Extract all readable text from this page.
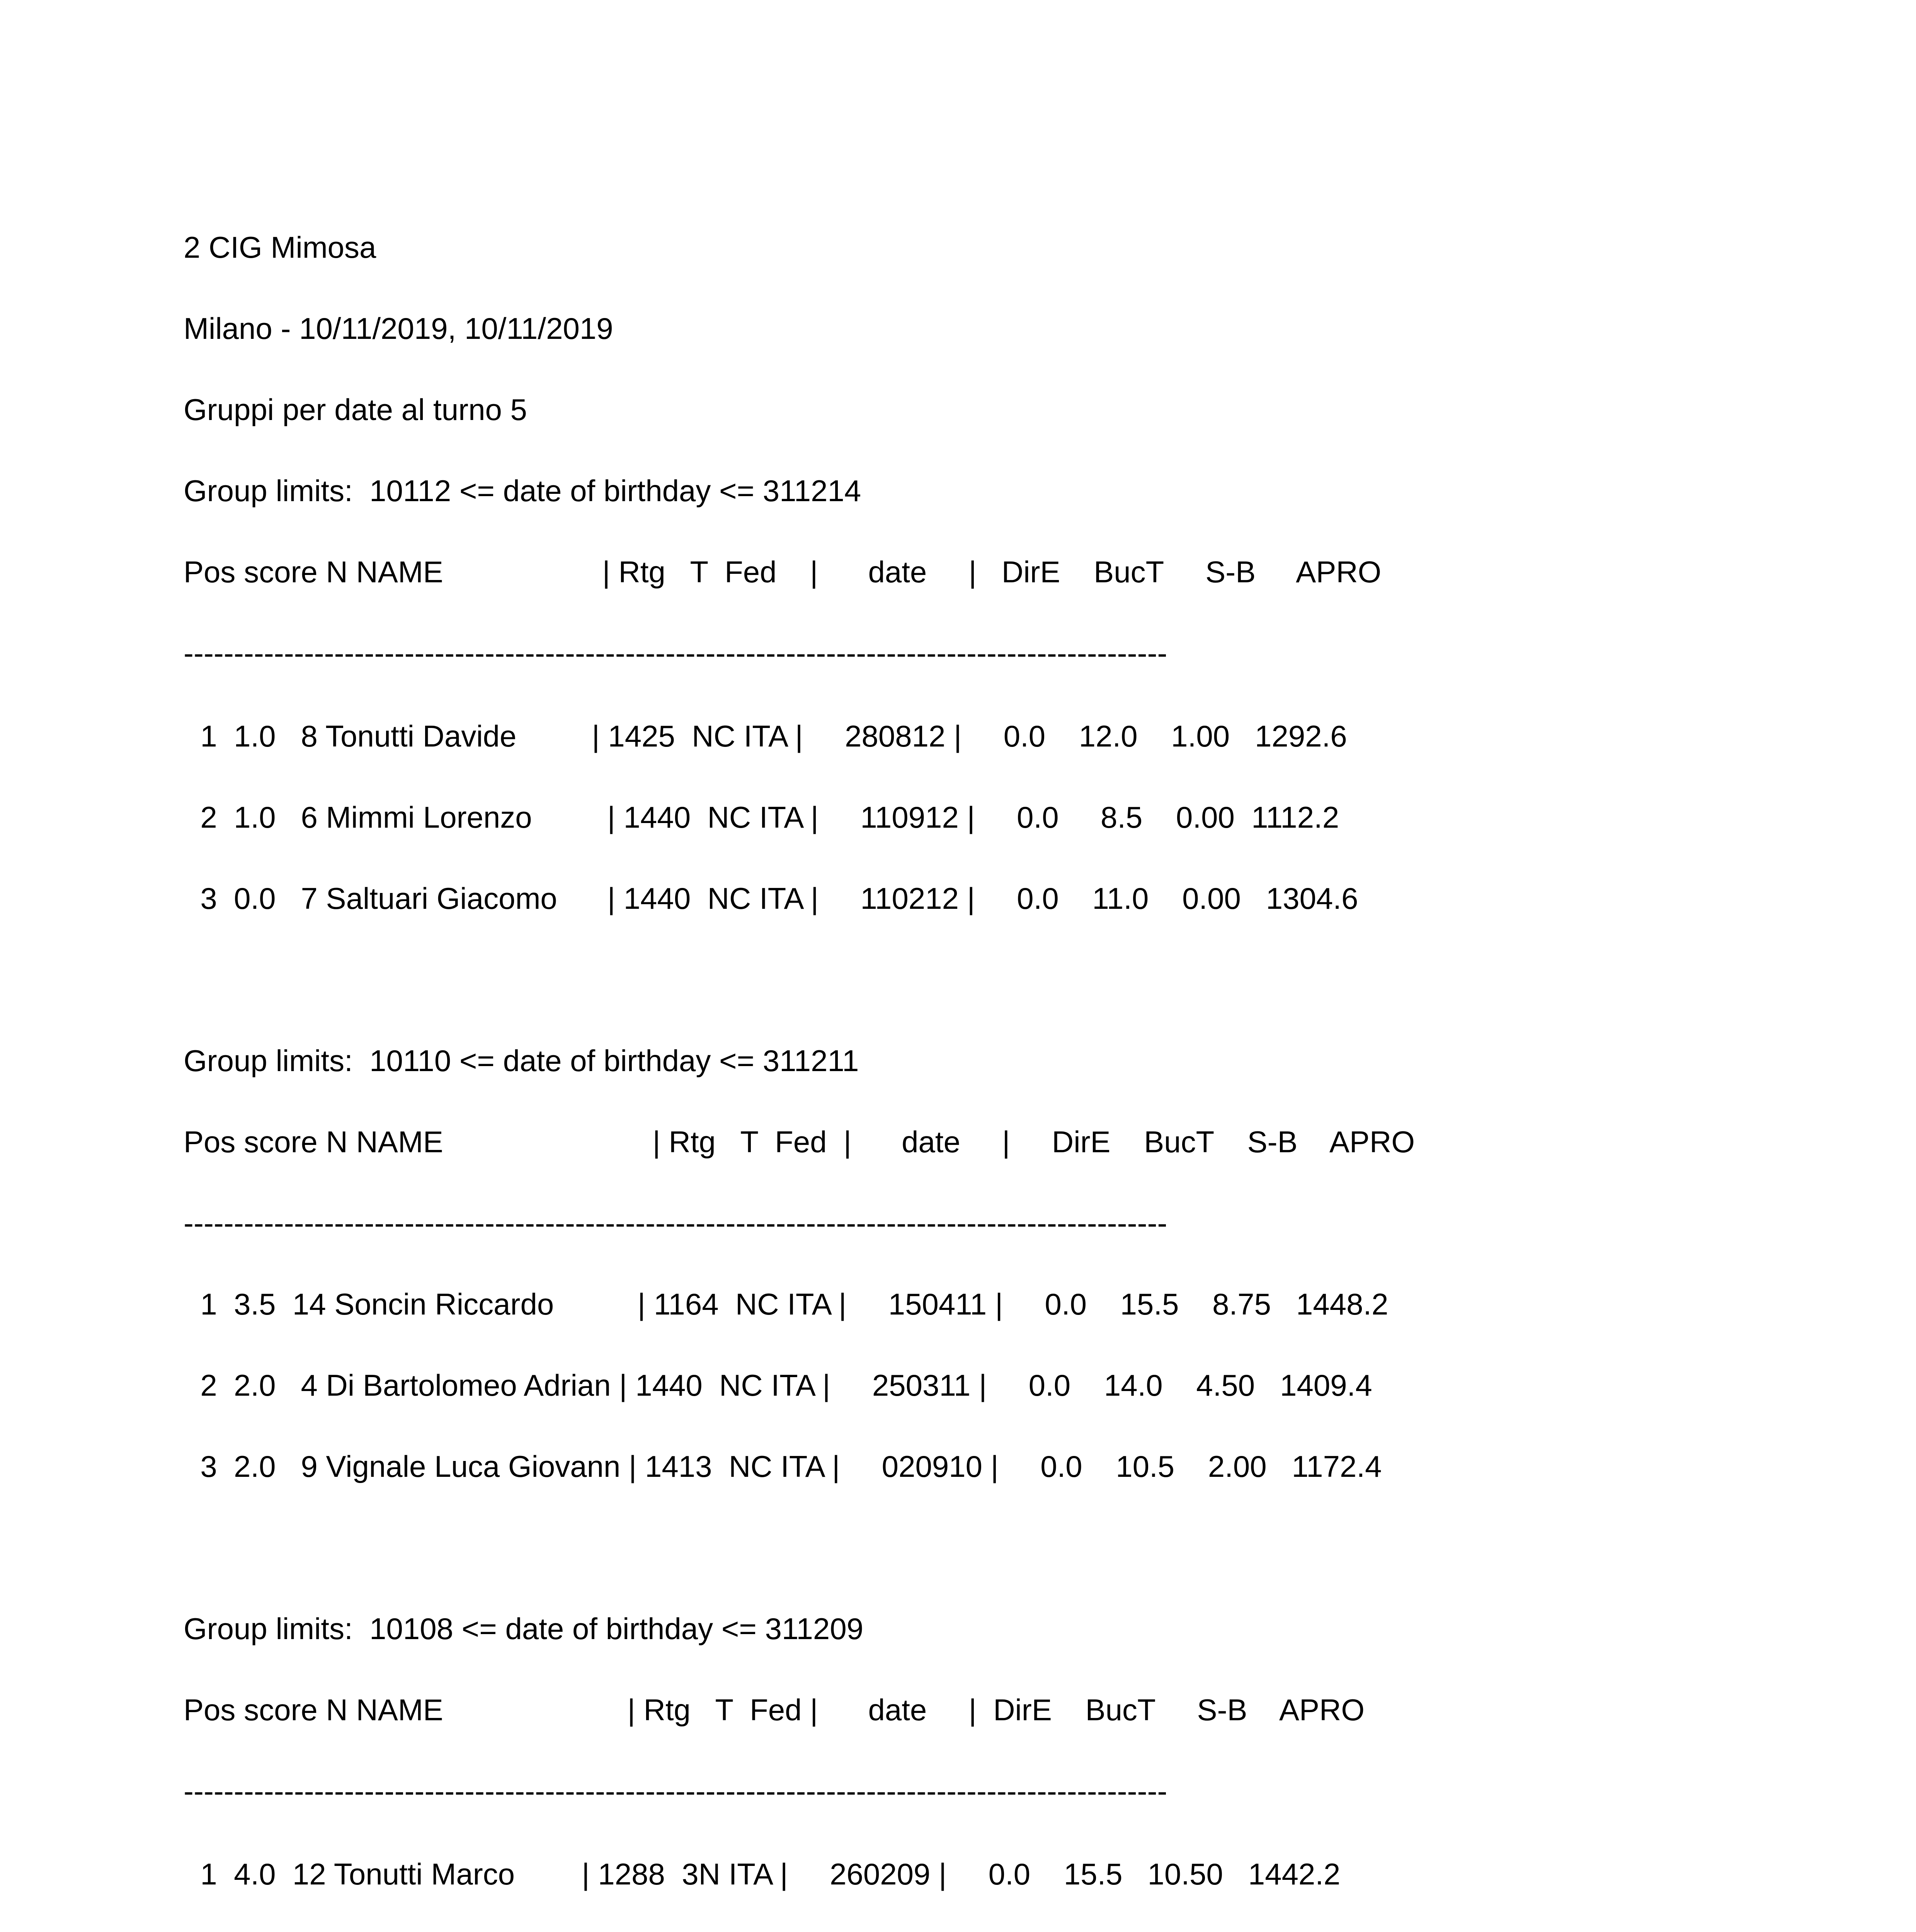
2 CIG Mimosa

Milano - 10/11/2019, 10/11/2019

Gruppi per date al turno 5

Group limits:  10112 <= date of birthday <= 311214

Pos score N NAME                   | Rtg   T  Fed    |      date     |   DirE    BucT     S-B     APRO

--------------------------------------------------------------------------------------------------

1  1.0   8 Tonutti Davide         | 1425  NC ITA |     280812 |     0.0    12.0    1.00   1292.6

2  1.0   6 Mimmi Lorenzo         | 1440  NC ITA |     110912 |     0.0     8.5    0.00  1112.2

3  0.0   7 Saltuari Giacomo      | 1440  NC ITA |     110212 |     0.0    11.0    0.00   1304.6

Group limits:  10110 <= date of birthday <= 311211

Pos score N NAME                         | Rtg   T  Fed  |      date     |     DirE    BucT    S-B    APRO

--------------------------------------------------------------------------------------------------

1  3.5  14 Soncin Riccardo          | 1164  NC ITA |     150411 |     0.0    15.5    8.75   1448.2

2  2.0   4 Di Bartolomeo Adrian | 1440  NC ITA |     250311 |     0.0    14.0    4.50   1409.4

3  2.0   9 Vignale Luca Giovann | 1413  NC ITA |     020910 |     0.0    10.5    2.00   1172.4

Group limits:  10108 <= date of birthday <= 311209

Pos score N NAME                      | Rtg   T  Fed |      date     |  DirE    BucT     S-B    APRO

--------------------------------------------------------------------------------------------------

1  4.0  12 Tonutti Marco        | 1288  3N ITA |     260209 |     0.0    15.5   10.50   1442.2
